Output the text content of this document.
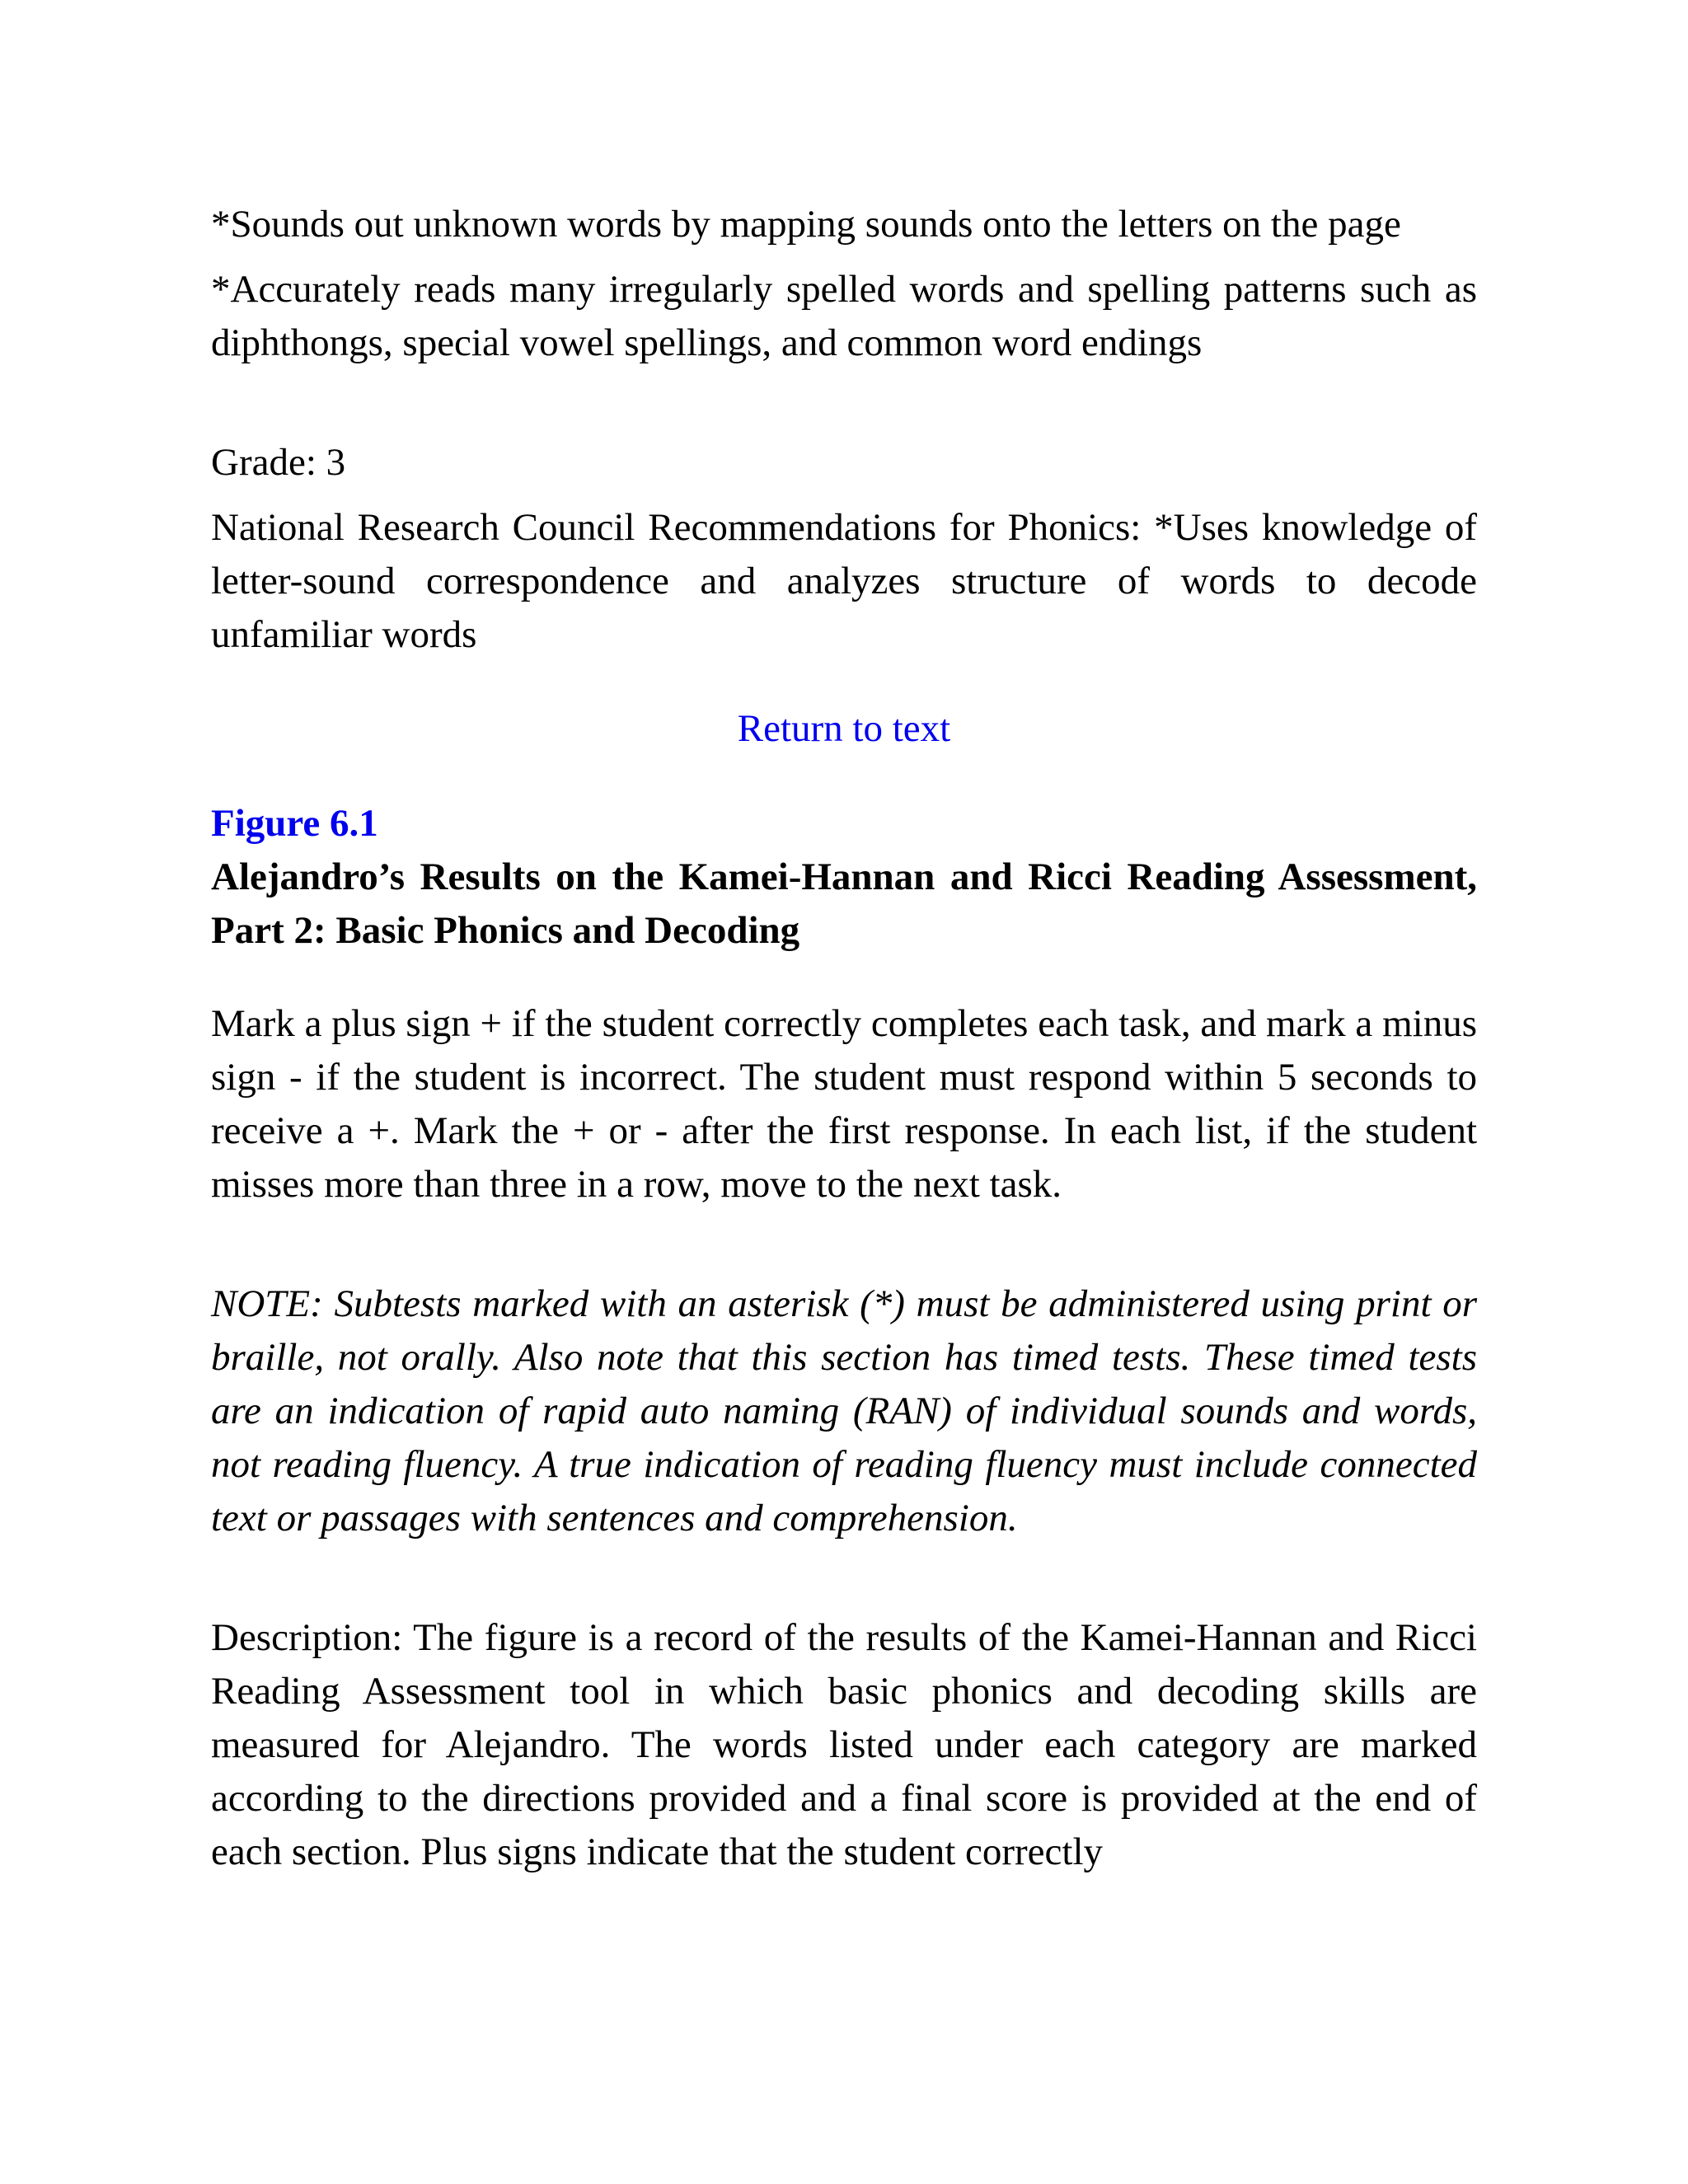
*Sounds out unknown words by mapping sounds onto the letters on the page

*Accurately reads many irregularly spelled words and spelling patterns such as diphthongs, special vowel spellings, and common word endings

Grade: 3

National Research Council Recommendations for Phonics: *Uses knowledge of letter-sound correspondence and analyzes structure of words to decode unfamiliar words

Return to text

Figure 6.1

Alejandro’s Results on the Kamei-Hannan and Ricci Reading Assessment, Part 2: Basic Phonics and Decoding

Mark a plus sign + if the student correctly completes each task, and mark a minus sign - if the student is incorrect. The student must respond within 5 seconds to receive a +. Mark the + or - after the first response. In each list, if the student misses more than three in a row, move to the next task.

NOTE: Subtests marked with an asterisk (*) must be administered using print or braille, not orally. Also note that this section has timed tests. These timed tests are an indication of rapid auto naming (RAN) of individual sounds and words, not reading fluency. A true indication of reading fluency must include connected text or passages with sentences and comprehension.

Description: The figure is a record of the results of the Kamei-Hannan and Ricci Reading Assessment tool in which basic phonics and decoding skills are measured for Alejandro. The words listed under each category are marked according to the directions provided and a final score is provided at the end of each section. Plus signs indicate that the student correctly
